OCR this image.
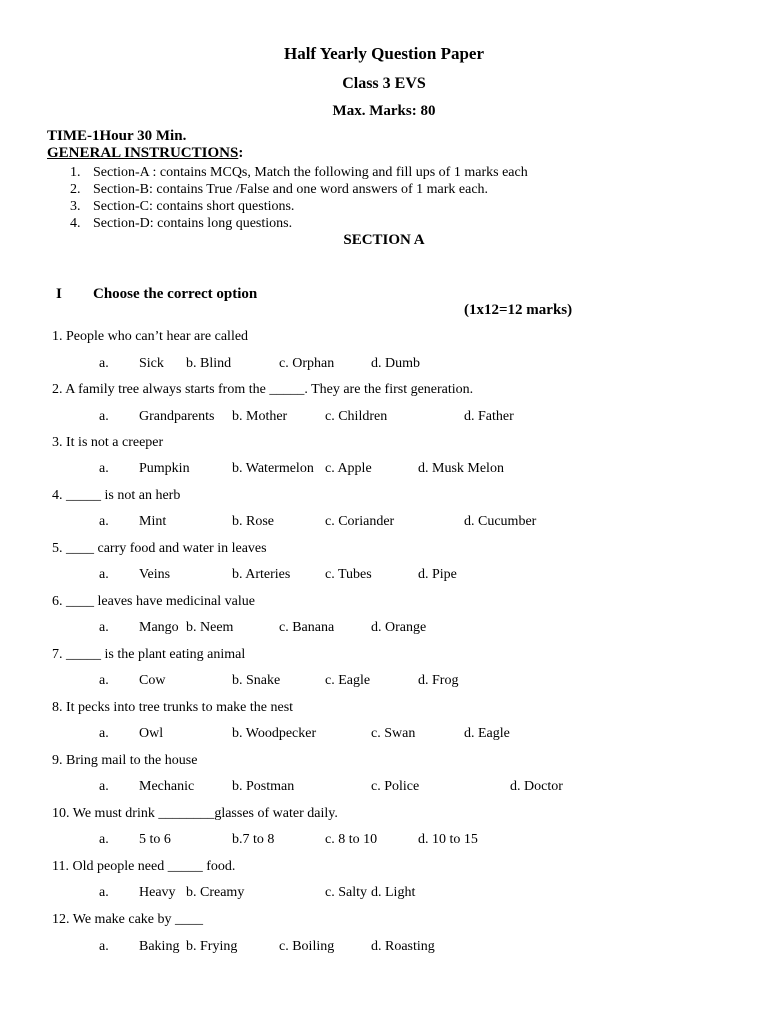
Half Yearly Question Paper
Class 3 EVS
Max. Marks: 80
TIME-1Hour 30 Min.
GENERAL INSTRUCTIONS:
1. Section-A : contains MCQs, Match the following and fill ups of 1 marks each
2. Section-B: contains True /False and one word answers of 1 mark each.
3. Section-C: contains short questions.
4. Section-D: contains long questions.
SECTION A
I Choose the correct option
(1x12=12 marks)
1. People who can’t hear are called
a. Sick b. Blind	c. Orphan	d. Dumb
2. A family tree always starts from the _____. They are the first generation.
a. Grandparents b. Mother	c. Children	d. Father
3. It is not a creeper
a. Pumpkin	b. Watermelon c. Apple	d. Musk Melon
4. _____ is not an herb
a. Mint	b. Rose	c. Coriander	d. Cucumber
5. ____ carry food and water in leaves
a. Veins	b. Arteries c. Tubes	d. Pipe
6. ____ leaves have medicinal value
a. Mango b. Neem	c. Banana	d. Orange
7. _____ is the plant eating animal
a. Cow	b. Snake	c. Eagle	d. Frog
8. It pecks into tree trunks to make the nest
a. Owl	b. Woodpecker	c. Swan	d. Eagle
9. Bring mail to the house
a. Mechanic	b. Postman	c. Police	d. Doctor
10. We must drink ________glasses of water daily.
a. 5 to 6	b.7 to 8	c. 8 to 10	d. 10 to 15
11. Old people need _____ food.
a. Heavy b. Creamy	c. Salty d. Light
12. We make cake by ____
a. Baking b. Frying	c. Boiling	d. Roasting
